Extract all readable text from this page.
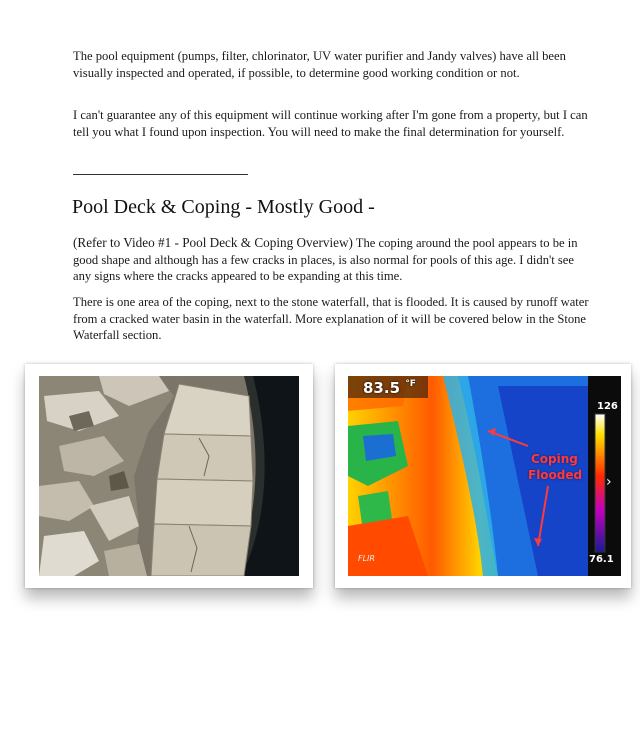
The pool equipment (pumps, filter, chlorinator, UV water purifier and Jandy valves) have all been visually inspected and operated, if possible, to determine good working condition or not.

I can't guarantee any of this equipment will continue working after I'm gone from a property, but I can tell you what I found upon inspection. You will need to make the final determination for yourself.

Pool Deck & Coping - Mostly Good -

(Refer to Video #1 - Pool Deck & Coping Overview) The coping around the pool appears to be in good shape and although has a few cracks in places, is also normal for pools of this age. I didn't see any signs where the cracks appeared to be expanding at this time.

There is one area of the coping, next to the stone waterfall, that is flooded. It is caused by runoff water from a cracked water basin in the waterfall. More explanation of it will be covered below in the Stone Waterfall section.

83.5 $^{^\circ F}$
126
76.1
Coping
Flooded
FLIR
›
